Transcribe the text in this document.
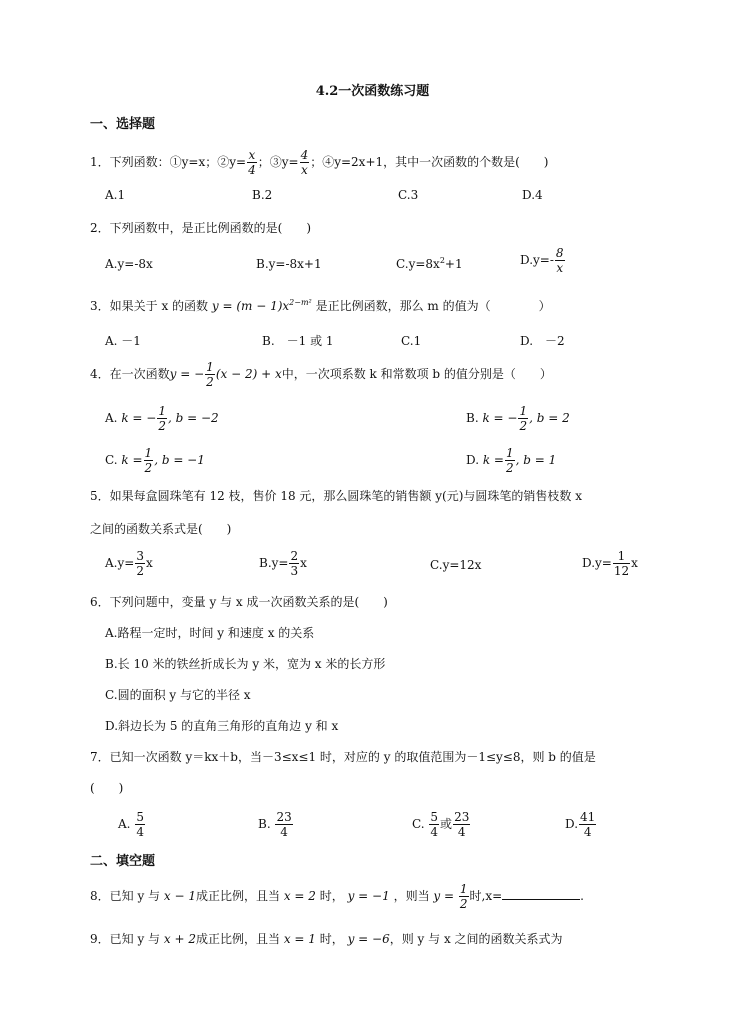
4.2一次函数练习题
一、选择题
1．下列函数：①y=x；②y= $\frac{x}{4}$ ；③y= $\frac{4}{x}$ ；④y=2x+1，其中一次函数的个数是(　　)
A.1	B.2	C.3	D.4
2．下列函数中，是正比例函数的是(　　)
A.y=-8x	B.y=-8x+1	$C.y=8x^2+1$	$D.y=- \frac{8}{x}$
3．如果关于 x 的函数 $y = (m - 1)x^{2-m^2}$ 是正比例函数，那么 m 的值为（　　　　）
A. －1	B.　－1 或 1	C.1	D.　－2
4．在一次函数y = − $\frac{1}{2} (x - 2) + x$中，一次项系数 k 和常数项 b 的值分别是（　　）
A. k = − $\frac{1}{2}$ , b = −2	B. k = − $\frac{1}{2}$ , b = 2
C. $k = \frac{1}{2}$ , b = −1	D. $k = \frac{1}{2}$ , b = 1
5．如果每盒圆珠笔有 12 枝，售价 18 元，那么圆珠笔的销售额 y(元)与圆珠笔的销售枝数 x
之间的函数关系式是(　　)
$A.y= \frac{3}{2}$ x	$B.y= \frac{2}{3}$ x	C.y=12x	$D.y= \frac{1}{12}$ x
6．下列问题中，变量 y 与 x 成一次函数关系的是(　　)
A.路程一定时，时间 y 和速度 x 的关系
B.长 10 米的铁丝折成长为 y 米，宽为 x 米的长方形
C.圆的面积 y 与它的半径 x
D.斜边长为 5 的直角三角形的直角边 y 和 x
7．已知一次函数 y＝kx＋b，当－3≤x≤1 时，对应的 y 的取值范围为－1≤y≤8，则 b 的值是
(　　)
A. $\frac{5}{4}$	B. $\frac{23}{4}$	C. $\frac{5}{4}$ 或 $\frac{23}{4}$	D. $\frac{41}{4}$
二、填空题
8．已知 y 与 x − 1成正比例，且当 x = 2 时， y = −1 ，则当 $y = \frac{1}{2}$ 时,x=	.
9．已知 y 与 x + 2成正比例，且当 x = 1 时， y = −6，则 y 与 x 之间的函数关系式为
